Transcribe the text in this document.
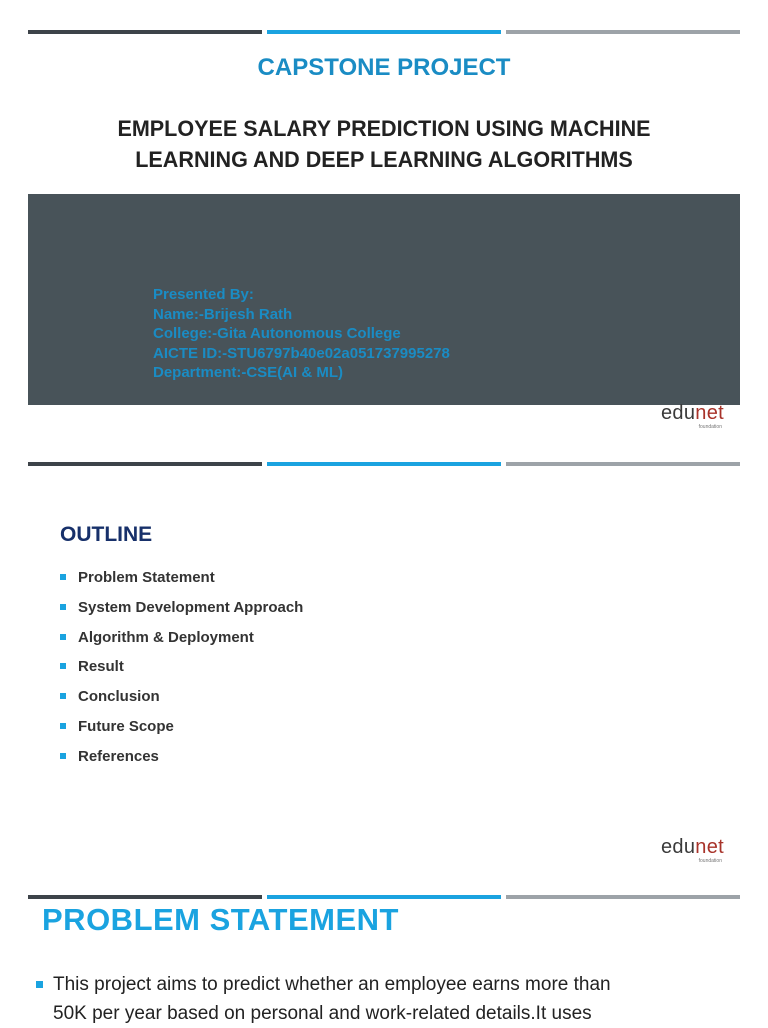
CAPSTONE PROJECT
EMPLOYEE SALARY PREDICTION USING MACHINE
LEARNING AND DEEP LEARNING ALGORITHMS
Presented By:
Name:-Brijesh Rath
College:-Gita Autonomous College
AICTE ID:-STU6797b40e02a051737995278
Department:-CSE(AI & ML)
edunet
foundation
OUTLINE
Problem Statement
System Development Approach
Algorithm & Deployment
Result
Conclusion
Future Scope
References
edunet
foundation
PROBLEM STATEMENT
This project aims to predict whether an employee earns more than
50K per year based on personal and work-related details.It uses
